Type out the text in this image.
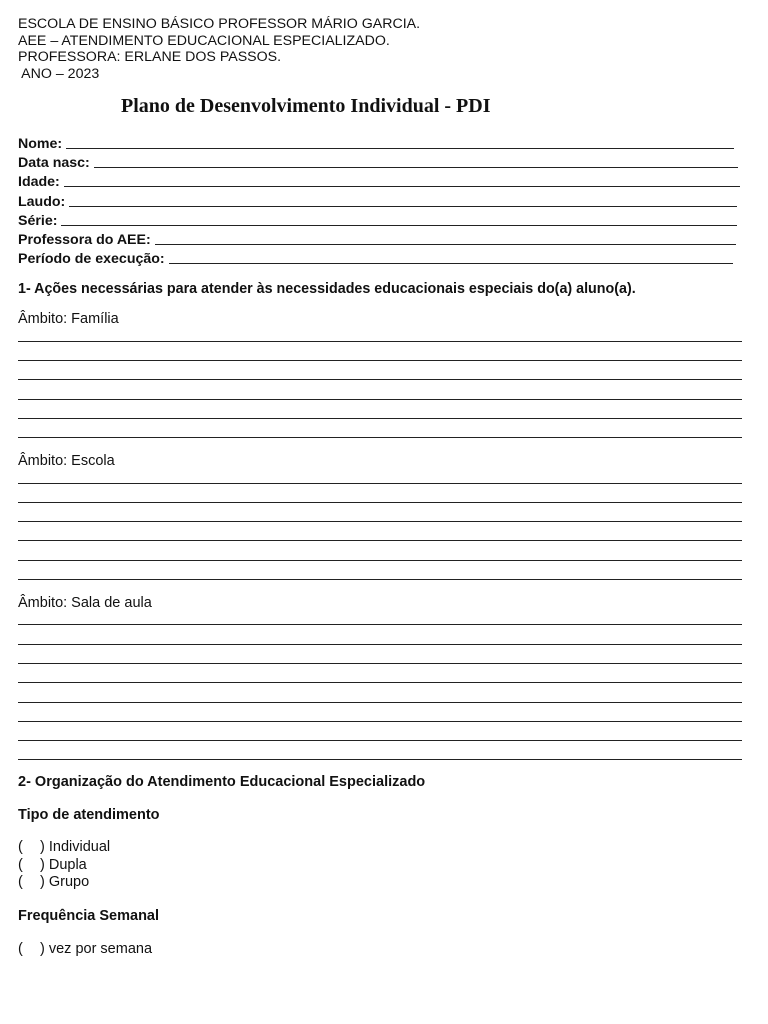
ESCOLA DE ENSINO BÁSICO PROFESSOR MÁRIO GARCIA.
AEE – ATENDIMENTO EDUCACIONAL ESPECIALIZADO.
PROFESSORA: ERLANE DOS PASSOS.
ANO – 2023
Plano de Desenvolvimento Individual - PDI
Nome:
Data nasc:
Idade:
Laudo:
Série:
Professora do AEE:
Período de execução:
1- Ações necessárias para atender às necessidades educacionais especiais do(a) aluno(a).
Âmbito: Família
Âmbito: Escola
Âmbito: Sala de aula
2- Organização do Atendimento Educacional Especializado
Tipo de atendimento
( ) Individual
( ) Dupla
( ) Grupo
Frequência Semanal
( ) vez por semana
